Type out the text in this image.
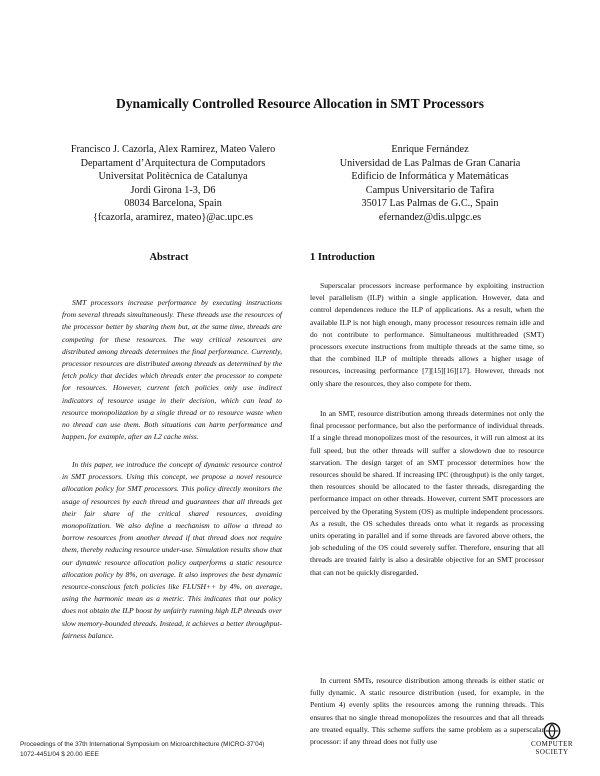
Dynamically Controlled Resource Allocation in SMT Processors
Francisco J. Cazorla, Alex Ramirez, Mateo Valero
Departament d’Arquitectura de Computadors
Universitat Politècnica de Catalunya
Jordi Girona 1-3, D6
08034 Barcelona, Spain
{fcazorla, aramirez, mateo}@ac.upc.es
Enrique Fernández
Universidad de Las Palmas de Gran Canaria
Edificio de Informática y Matemáticas
Campus Universitario de Tafira
35017 Las Palmas de G.C., Spain
efernandez@dis.ulpgc.es
Abstract

SMT processors increase performance by executing instructions from several threads simultaneously. These threads use the resources of the processor better by sharing them but, at the same time, threads are competing for these resources. The way critical resources are distributed among threads determines the final performance. Currently, processor resources are distributed among threads as determined by the fetch policy that decides which threads enter the processor to compete for resources. However, current fetch policies only use indirect indicators of resource usage in their decision, which can lead to resource monopolization by a single thread or to resource waste when no thread can use them. Both situations can harm performance and happen, for example, after an L2 cache miss.

In this paper, we introduce the concept of dynamic resource control in SMT processors. Using this concept, we propose a novel resource allocation policy for SMT processors. This policy directly monitors the usage of resources by each thread and guarantees that all threads get their fair share of the critical shared resources, avoiding monopolization. We also define a mechanism to allow a thread to borrow resources from another thread if that thread does not require them, thereby reducing resource under-use. Simulation results show that our dynamic resource allocation policy outperforms a static resource allocation policy by 8%, on average. It also improves the best dynamic resource-conscious fetch policies like FLUSH++ by 4%, on average, using the harmonic mean as a metric. This indicates that our policy does not obtain the ILP boost by unfairly running high ILP threads over slow memory-bounded threads. Instead, it achieves a better throughput-fairness balance.

1 Introduction

Superscalar processors increase performance by exploiting instruction level parallelism (ILP) within a single application. However, data and control dependences reduce the ILP of applications. As a result, when the available ILP is not high enough, many processor resources remain idle and do not contribute to performance. Simultaneous multithreaded (SMT) processors execute instructions from multiple threads at the same time, so that the combined ILP of multiple threads allows a higher usage of resources, increasing performance [7][15][16][17]. However, threads not only share the resources, they also compete for them.

In an SMT, resource distribution among threads determines not only the final processor performance, but also the performance of individual threads. If a single thread monopolizes most of the resources, it will run almost at its full speed, but the other threads will suffer a slowdown due to resource starvation. The design target of an SMT processor determines how the resources should be shared. If increasing IPC (throughput) is the only target, then resources should be allocated to the faster threads, disregarding the performance impact on other threads. However, current SMT processors are perceived by the Operating System (OS) as multiple independent processors. As a result, the OS schedules threads onto what it regards as processing units operating in parallel and if some threads are favored above others, the job scheduling of the OS could severely suffer. Therefore, ensuring that all threads are treated fairly is also a desirable objective for an SMT processor that can not be quickly disregarded.

In current SMTs, resource distribution among threads is either static or fully dynamic. A static resource distribution (used, for example, in the Pentium 4) evenly splits the resources among the running threads. This ensures that no single thread monopolizes the resources and that all threads are treated equally. This scheme suffers the same problem as a superscalar processor: if any thread does not fully use

Proceedings of the 37th International Symposium on Microarchitecture (MICRO-37’04)
1072-4451/04 $ 20.00 IEEE
COMPUTER
SOCIETY
